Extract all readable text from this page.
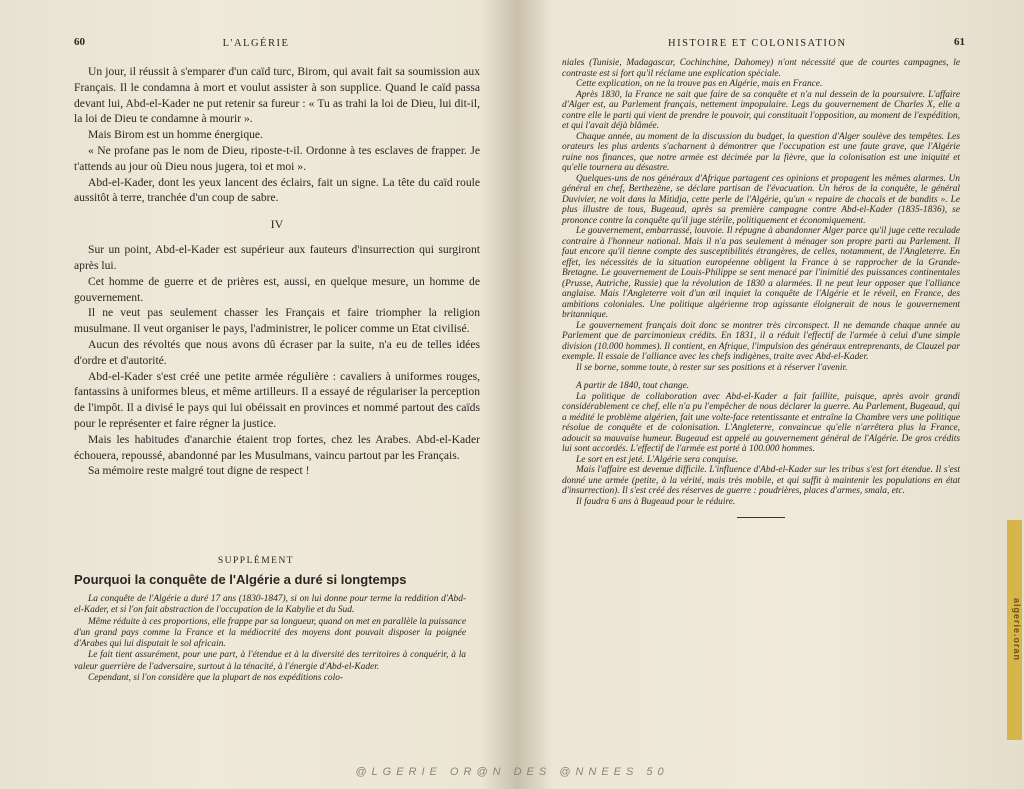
60	L'ALGÉRIE

Un jour, il réussit à s'emparer d'un caïd turc, Birom, qui avait fait sa soumission aux Français. Il le condamna à mort et voulut assister à son supplice. Quand le caïd passa devant lui, Abd-el-Kader ne put retenir sa fureur : « Tu as trahi la loi de Dieu, lui dit-il, la loi de Dieu te condamne à mourir ».

Mais Birom est un homme énergique.

« Ne profane pas le nom de Dieu, riposte-t-il. Ordonne à tes esclaves de frapper. Je t'attends au jour où Dieu nous jugera, toi et moi ».

Abd-el-Kader, dont les yeux lancent des éclairs, fait un signe. La tête du caïd roule aussitôt à terre, tranchée d'un coup de sabre.

IV

Sur un point, Abd-el-Kader est supérieur aux fauteurs d'insurrection qui surgiront après lui.

Cet homme de guerre et de prières est, aussi, en quelque mesure, un homme de gouvernement.

Il ne veut pas seulement chasser les Français et faire triompher la religion musulmane. Il veut organiser le pays, l'administrer, le policer comme un Etat civilisé.

Aucun des révoltés que nous avons dû écraser par la suite, n'a eu de telles idées d'ordre et d'autorité.

Abd-el-Kader s'est créé une petite armée régulière : cavaliers à uniformes rouges, fantassins à uniformes bleus, et même artilleurs. Il a essayé de régulariser la perception de l'impôt. Il a divisé le pays qui lui obéissait en provinces et nommé partout des caïds pour le représenter et faire régner la justice.

Mais les habitudes d'anarchie étaient trop fortes, chez les Arabes. Abd-el-Kader échouera, repoussé, abandonné par les Musulmans, vaincu partout par les Français.

Sa mémoire reste malgré tout digne de respect !

SUPPLÉMENT
Pourquoi la conquête de l'Algérie a duré si longtemps

La conquête de l'Algérie a duré 17 ans (1830-1847), si on lui donne pour terme la reddition d'Abd-el-Kader, et si l'on fait abstraction de l'occupation de la Kabylie et du Sud.

Même réduite à ces proportions, elle frappe par sa longueur, quand on met en parallèle la puissance d'un grand pays comme la France et la médiocrité des moyens dont pouvait disposer la poignée d'Arabes qui lui disputait le sol africain.

Le fait tient assurément, pour une part, à l'étendue et à la diversité des territoires à conquérir, à la valeur guerrière de l'adversaire, surtout à la ténacité, à l'énergie d'Abd-el-Kader.

Cependant, si l'on considère que la plupart de nos expéditions colo-

HISTOIRE ET COLONISATION	61

niales (Tunisie, Madagascar, Cochinchine, Dahomey) n'ont nécessité que de courtes campagnes, le contraste est si fort qu'il réclame une explication spéciale.

Cette explication, on ne la trouve pas en Algérie, mais en France.

Après 1830, la France ne sait que faire de sa conquête et n'a nul dessein de la poursuivre. L'affaire d'Alger est, au Parlement français, nettement impopulaire. Legs du gouvernement de Charles X, elle a contre elle le parti qui vient de prendre le pouvoir, qui constituait l'opposition, au moment de l'expédition, et qui l'avait déjà blâmée.

Chaque année, au moment de la discussion du budget, la question d'Alger soulève des tempêtes. Les orateurs les plus ardents s'acharnent à démontrer que l'occupation est une faute grave, que l'Algérie ruine nos finances, que notre armée est décimée par la fièvre, que la colonisation est une iniquité et qu'elle tournera au désastre.

Quelques-uns de nos généraux d'Afrique partagent ces opinions et propagent les mêmes alarmes. Un général en chef, Berthezène, se déclare partisan de l'évacuation. Un héros de la conquête, le général Duvivier, ne voit dans la Mitidja, cette perle de l'Algérie, qu'un « repaire de chacals et de bandits ». Le plus illustre de tous, Bugeaud, après sa première campagne contre Abd-el-Kader (1835-1836), se prononce contre la conquête qu'il juge stérile, politiquement et économiquement.

Le gouvernement, embarrassé, louvoie. Il répugne à abandonner Alger parce qu'il juge cette reculade contraire à l'honneur national. Mais il n'a pas seulement à ménager son propre parti au Parlement. Il faut encore qu'il tienne compte des susceptibilités étrangères, de celles, notamment, de l'Angleterre. En effet, les nécessités de la situation européenne obligent la France à se rapprocher de la Grande-Bretagne. Le gouvernement de Louis-Philippe se sent menacé par l'inimitié des puissances continentales (Prusse, Autriche, Russie) que la révolution de 1830 a alarmées. Il ne peut leur opposer que l'alliance anglaise. Mais l'Angleterre voit d'un œil inquiet la conquête de l'Algérie et le réveil, en France, des ambitions coloniales. Une politique algérienne trop agissante éloignerait de nous le gouvernement britannique.

Le gouvernement français doit donc se montrer très circonspect. Il ne demande chaque année au Parlement que de parcimonieux crédits. En 1831, il a réduit l'effectif de l'armée à celui d'une simple division (10.000 hommes). Il contient, en Afrique, l'impulsion des généraux entreprenants, de Clauzel par exemple. Il essaie de l'alliance avec les chefs indigènes, traite avec Abd-el-Kader.

Il se borne, somme toute, à rester sur ses positions et à réserver l'avenir.

A partir de 1840, tout change.

La politique de collaboration avec Abd-el-Kader a fait faillite, puisque, après avoir grandi considérablement ce chef, elle n'a pu l'empêcher de nous déclarer la guerre. Au Parlement, Bugeaud, qui a médité le problème algérien, fait une volte-face retentissante et entraîne la Chambre vers une politique résolue de conquête et de colonisation. L'Angleterre, convaincue qu'elle n'arrêtera plus la France, adoucit sa mauvaise humeur. Bugeaud est appelé au gouvernement général de l'Algérie. De gros crédits lui sont accordés. L'effectif de l'armée est porté à 100.000 hommes.

Le sort en est jeté. L'Algérie sera conquise.

Mais l'affaire est devenue difficile. L'influence d'Abd-el-Kader sur les tribus s'est fort étendue. Il s'est donné une armée (petite, à la vérité, mais très mobile, et qui suffit à maintenir les populations en état d'insurrection). Il s'est créé des réserves de guerre : poudrières, places d'armes, smala, etc.

Il faudra 6 ans à Bugeaud pour le réduire.

algerie.oran
@LGERIE OR@N DES @NNEES 50
